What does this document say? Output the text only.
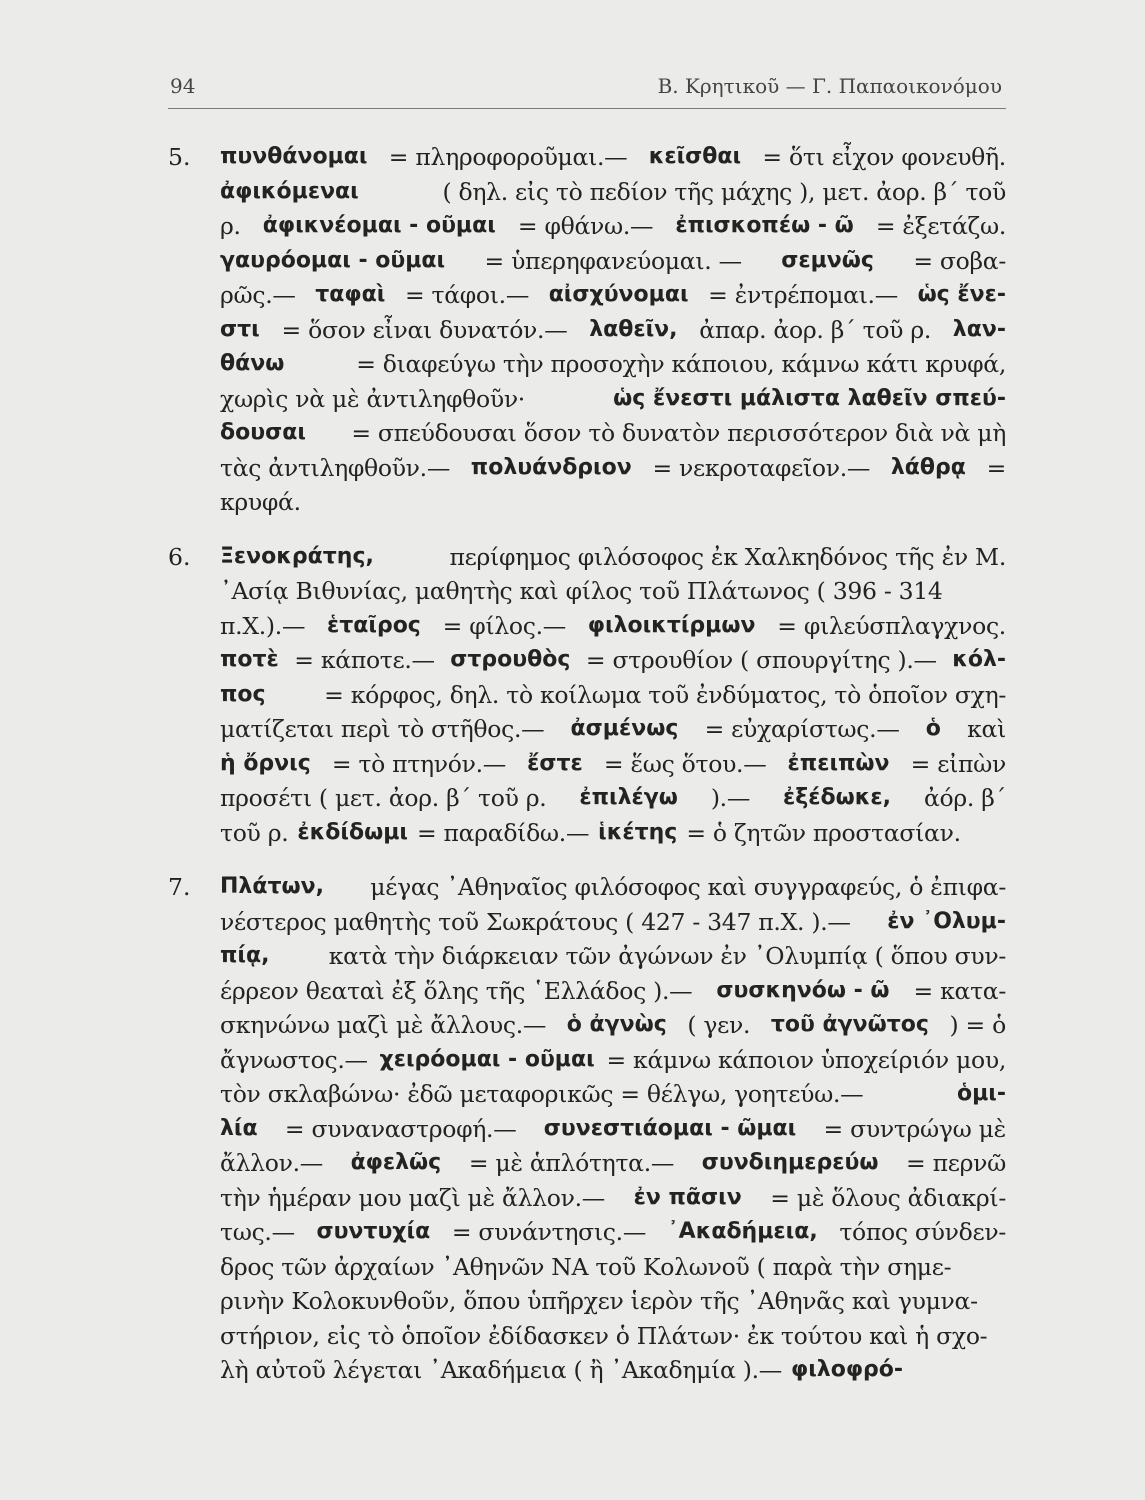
94	Β. Κρητικοῦ — Γ. Παπαοικονόμου
5. πυνθάνομαι = πληροφοροῦμαι.— κεῖσθαι = ὅτι εἶχον φονευθῆ.
ἀφικόμεναι	( δηλ. εἰς τὸ πεδίον τῆς μάχης ), μετ. ἀορ. β΄ τοῦ
ρ. ἀφικνέομαι - οῦμαι = φθάνω.— ἐπισκοπέω - ῶ = ἐξετάζω.
γαυρόομαι - οῦμαι = ὑπερηφανεύομαι. — σεμνῶς = σοβα-
ρῶς.— ταφαὶ = τάφοι.— αἰσχύνομαι = ἐντρέπομαι.— ὡς ἔνε-
στι = ὅσον εἶναι δυνατόν.— λαθεῖν, ἀπαρ. ἀορ. β΄ τοῦ ρ. λαν-
θάνω	= διαφεύγω τὴν προσοχὴν κάποιου, κάμνω κάτι κρυφά,
χωρὶς νὰ μὲ ἀντιληφθοῦν·	ὡς ἔνεστι μάλιστα λαθεῖν σπεύ-
δουσαι = σπεύδουσαι ὅσον τὸ δυνατὸν περισσότερον διὰ νὰ μὴ
τὰς ἀντιληφθοῦν.— πολυάνδριον = νεκροταφεῖον.— λάθρᾳ =
κρυφά.
6. Ξενοκράτης,	περίφημος φιλόσοφος ἐκ Χαλκηδόνος τῆς ἐν Μ.
᾿Ασίᾳ Βιθυνίας, μαθητὴς καὶ φίλος τοῦ Πλάτωνος ( 396 - 314
π.Χ.).— ἑταῖρος = φίλος.— φιλοικτίρμων = φιλεύσπλαγχνος.
ποτὲ = κάποτε.— στρουθὸς = στρουθίον ( σπουργίτης ).— κόλ-
πος = κόρφος, δηλ. τὸ κοίλωμα τοῦ ἐνδύματος, τὸ ὁποῖον σχη-
ματίζεται περὶ τὸ στῆθος.— ἀσμένως = εὐχαρίστως.— ὁ καὶ
ἡ ὄρνις = τὸ πτηνόν.— ἔστε = ἕως ὅτου.— ἐπειπὼν = εἰπὼν
προσέτι ( μετ. ἀορ. β΄ τοῦ ρ. ἐπιλέγω ).— ἐξέδωκε, ἀόρ. β΄
τοῦ ρ. ἐκδίδωμι = παραδίδω.— ἱκέτης = ὁ ζητῶν προστασίαν.
7. Πλάτων, μέγας ᾿Αθηναῖος φιλόσοφος καὶ συγγραφεύς, ὁ ἐπιφα-
νέστερος μαθητὴς τοῦ Σωκράτους ( 427 - 347 π.Χ. ).— ἐν ᾿Ολυμ-
πίᾳ,	κατὰ τὴν διάρκειαν τῶν ἀγώνων ἐν ᾿Ολυμπίᾳ ( ὅπου συν-
έρρεον θεαταὶ ἐξ ὅλης τῆς ῾Ελλάδος ).— συσκηνόω - ῶ = κατα-
σκηνώνω μαζὶ μὲ ἄλλους.— ὁ ἀγνὼς ( γεν. τοῦ ἀγνῶτος ) = ὁ
ἄγνωστος.— χειρόομαι - οῦμαι = κάμνω κάποιον ὑποχείριόν μου,
τὸν σκλαβώνω· ἐδῶ μεταφορικῶς = θέλγω, γοητεύω.—	ὁμι-
λία = συναναστροφή.— συνεστιάομαι - ῶμαι = συντρώγω μὲ
ἄλλον.— ἀφελῶς = μὲ ἁπλότητα.— συνδιημερεύω = περνῶ
τὴν ἡμέραν μου μαζὶ μὲ ἄλλον.— ἐν πᾶσιν = μὲ ὅλους ἀδιακρί-
τως.— συντυχία = συνάντησις.— ᾿Ακαδήμεια, τόπος σύνδεν-
δρος τῶν ἀρχαίων ᾿Αθηνῶν ΝΑ τοῦ Κολωνοῦ ( παρὰ τὴν σημε-
ρινὴν Κολοκυνθοῦν, ὅπου ὑπῆρχεν ἱερὸν τῆς ᾿Αθηνᾶς καὶ γυμνα-
στήριον, εἰς τὸ ὁποῖον ἐδίδασκεν ὁ Πλάτων· ἐκ τούτου καὶ ἡ σχο-
λὴ αὐτοῦ λέγεται ᾿Ακαδήμεια ( ἢ ᾿Ακαδημία ).— φιλοφρό-
